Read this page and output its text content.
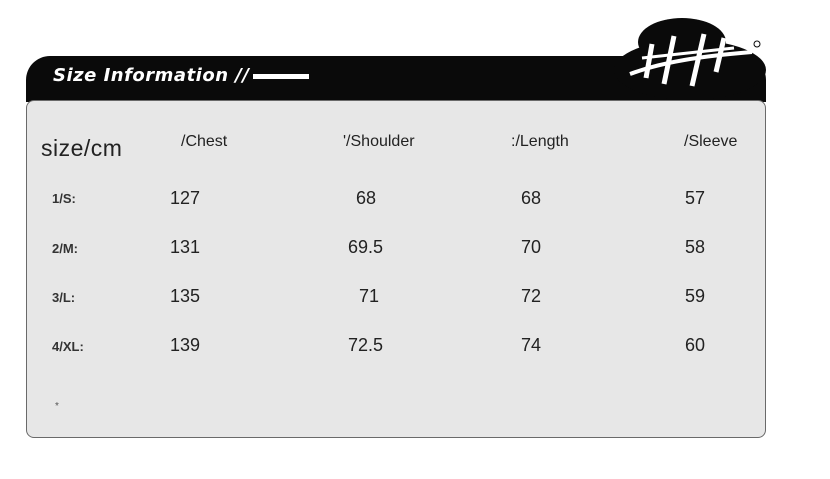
Size Information //
size/cm	/Chest	'/Shoulder	:/Length	/Sleeve
1/S:	127	68	68	57
2/M:	131	69.5	70	58
3/L:	135	71	72	59
4/XL:	139	72.5	74	60
*
